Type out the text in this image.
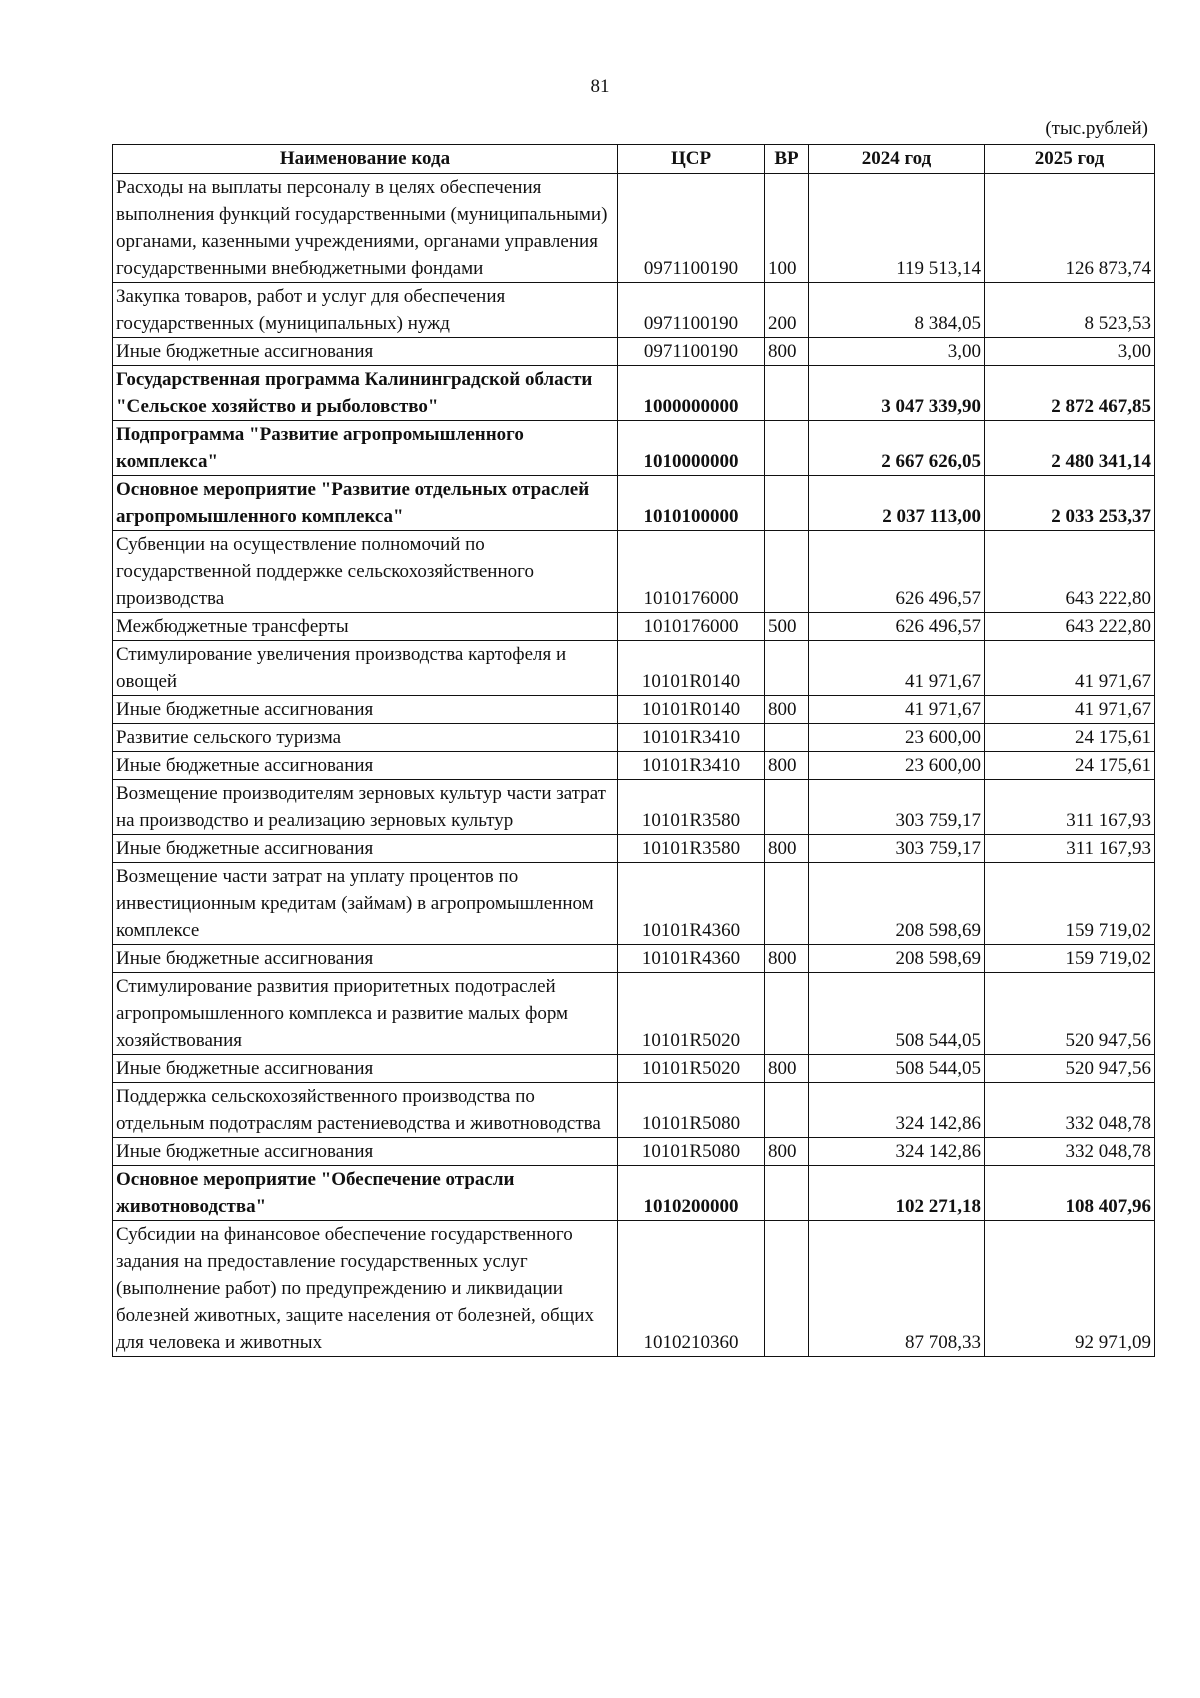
81
(тыс.рублей)
Наименование кода	ЦСР	ВР	2024 год	2025 год
Расходы на выплаты персоналу в целях обеспечения выполнения функций государственными (муниципальными) органами, казенными учреждениями, органами управления государственными внебюджетными фондами	0971100190	100	119 513,14	126 873,74
Закупка товаров, работ и услуг для обеспечения государственных (муниципальных) нужд	0971100190	200	8 384,05	8 523,53
Иные бюджетные ассигнования	0971100190	800	3,00	3,00
Государственная программа Калининградской области "Сельское хозяйство и рыболовство"	1000000000		3 047 339,90	2 872 467,85
Подпрограмма "Развитие агропромышленного комплекса"	1010000000		2 667 626,05	2 480 341,14
Основное мероприятие "Развитие отдельных отраслей агропромышленного комплекса"	1010100000		2 037 113,00	2 033 253,37
Субвенции на осуществление полномочий по государственной поддержке сельскохозяйственного производства	1010176000		626 496,57	643 222,80
Межбюджетные трансферты	1010176000	500	626 496,57	643 222,80
Стимулирование увеличения производства картофеля и овощей	10101R0140		41 971,67	41 971,67
Иные бюджетные ассигнования	10101R0140	800	41 971,67	41 971,67
Развитие сельского туризма	10101R3410		23 600,00	24 175,61
Иные бюджетные ассигнования	10101R3410	800	23 600,00	24 175,61
Возмещение производителям зерновых культур части затрат на производство и реализацию зерновых культур	10101R3580		303 759,17	311 167,93
Иные бюджетные ассигнования	10101R3580	800	303 759,17	311 167,93
Возмещение части затрат на уплату процентов по инвестиционным кредитам (займам) в агропромышленном комплексе	10101R4360		208 598,69	159 719,02
Иные бюджетные ассигнования	10101R4360	800	208 598,69	159 719,02
Стимулирование развития приоритетных подотраслей агропромышленного комплекса и развитие малых форм хозяйствования	10101R5020		508 544,05	520 947,56
Иные бюджетные ассигнования	10101R5020	800	508 544,05	520 947,56
Поддержка сельскохозяйственного производства по отдельным подотраслям растениеводства и животноводства	10101R5080		324 142,86	332 048,78
Иные бюджетные ассигнования	10101R5080	800	324 142,86	332 048,78
Основное мероприятие "Обеспечение отрасли животноводства"	1010200000		102 271,18	108 407,96
Субсидии на финансовое обеспечение государственного задания на предоставление государственных услуг (выполнение работ) по предупреждению и ликвидации болезней животных, защите населения от болезней, общих для человека и животных	1010210360		87 708,33	92 971,09
